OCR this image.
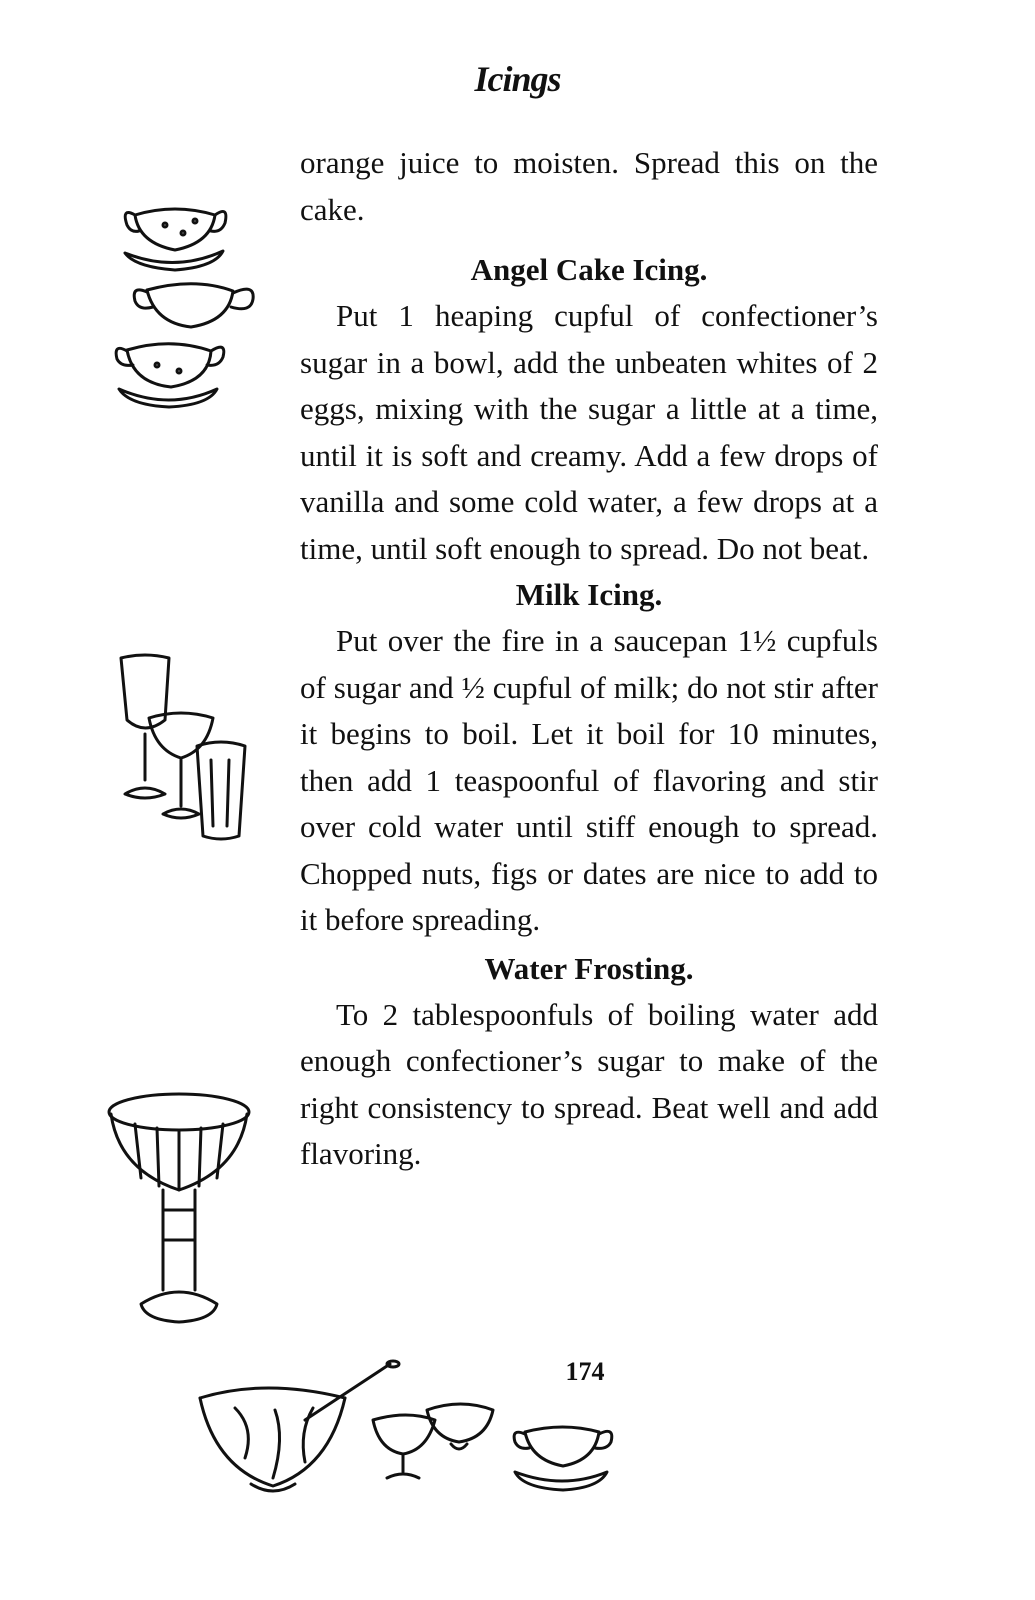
Icings

orange juice to moisten. Spread this on the cake.

Angel Cake Icing.

Put 1 heaping cupful of confectioner’s sugar in a bowl, add the unbeaten whites of 2 eggs, mixing with the sugar a little at a time, until it is soft and creamy. Add a few drops of vanilla and some cold water, a few drops at a time, until soft enough to spread. Do not beat.

Milk Icing.

Put over the fire in a saucepan 1½ cupfuls of sugar and ½ cupful of milk; do not stir after it begins to boil. Let it boil for 10 minutes, then add 1 teaspoonful of flavoring and stir over cold water until stiff enough to spread. Chopped nuts, figs or dates are nice to add to it before spreading.

Water Frosting.

To 2 tablespoonfuls of boiling water add enough confectioner’s sugar to make of the right consistency to spread. Beat well and add flavoring.

174
